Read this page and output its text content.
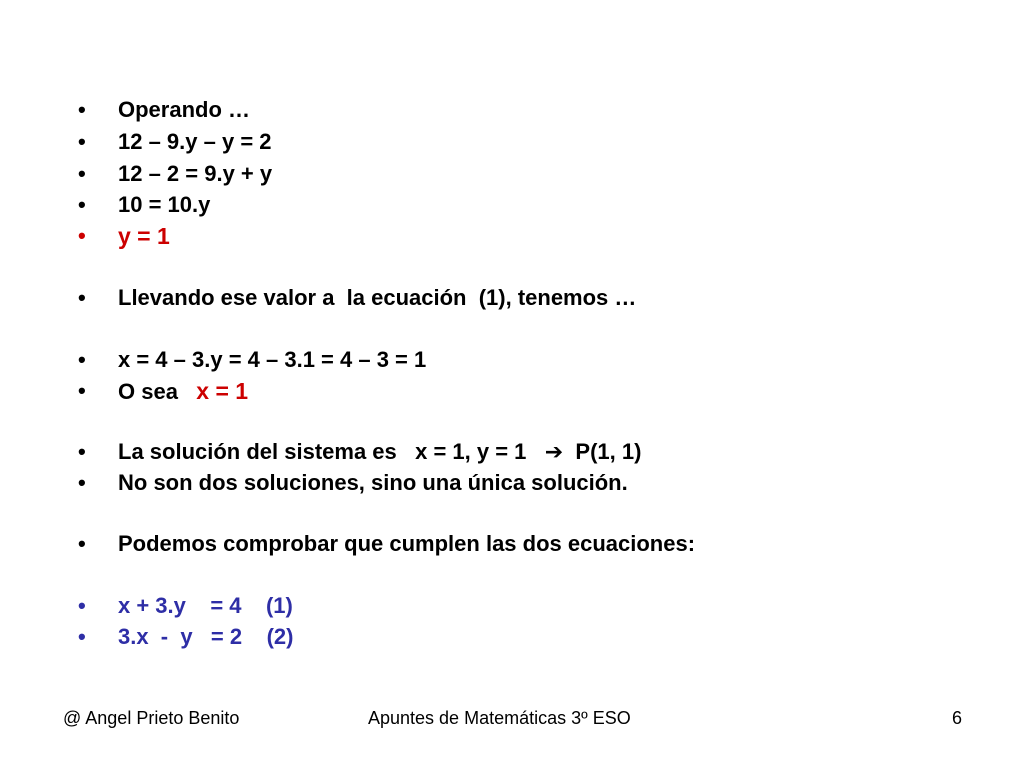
•	Operando …
•	12 – 9.y – y = 2
•	12 – 2 = 9.y + y
•	10 = 10.y
•	y = 1
•	Llevando ese valor a  la ecuación  (1), tenemos …
•	x = 4 – 3.y = 4 – 3.1 = 4 – 3 = 1
•	O sea   x = 1
•	La solución del sistema es   x = 1, y = 1   ➔  P(1, 1)
•	No son dos soluciones, sino una única solución.
•	Podemos comprobar que cumplen las dos ecuaciones:
•	x + 3.y    = 4    (1)
•	3.x  -  y   = 2    (2)
@ Angel Prieto Benito	Apuntes de Matemáticas 3º ESO	6
